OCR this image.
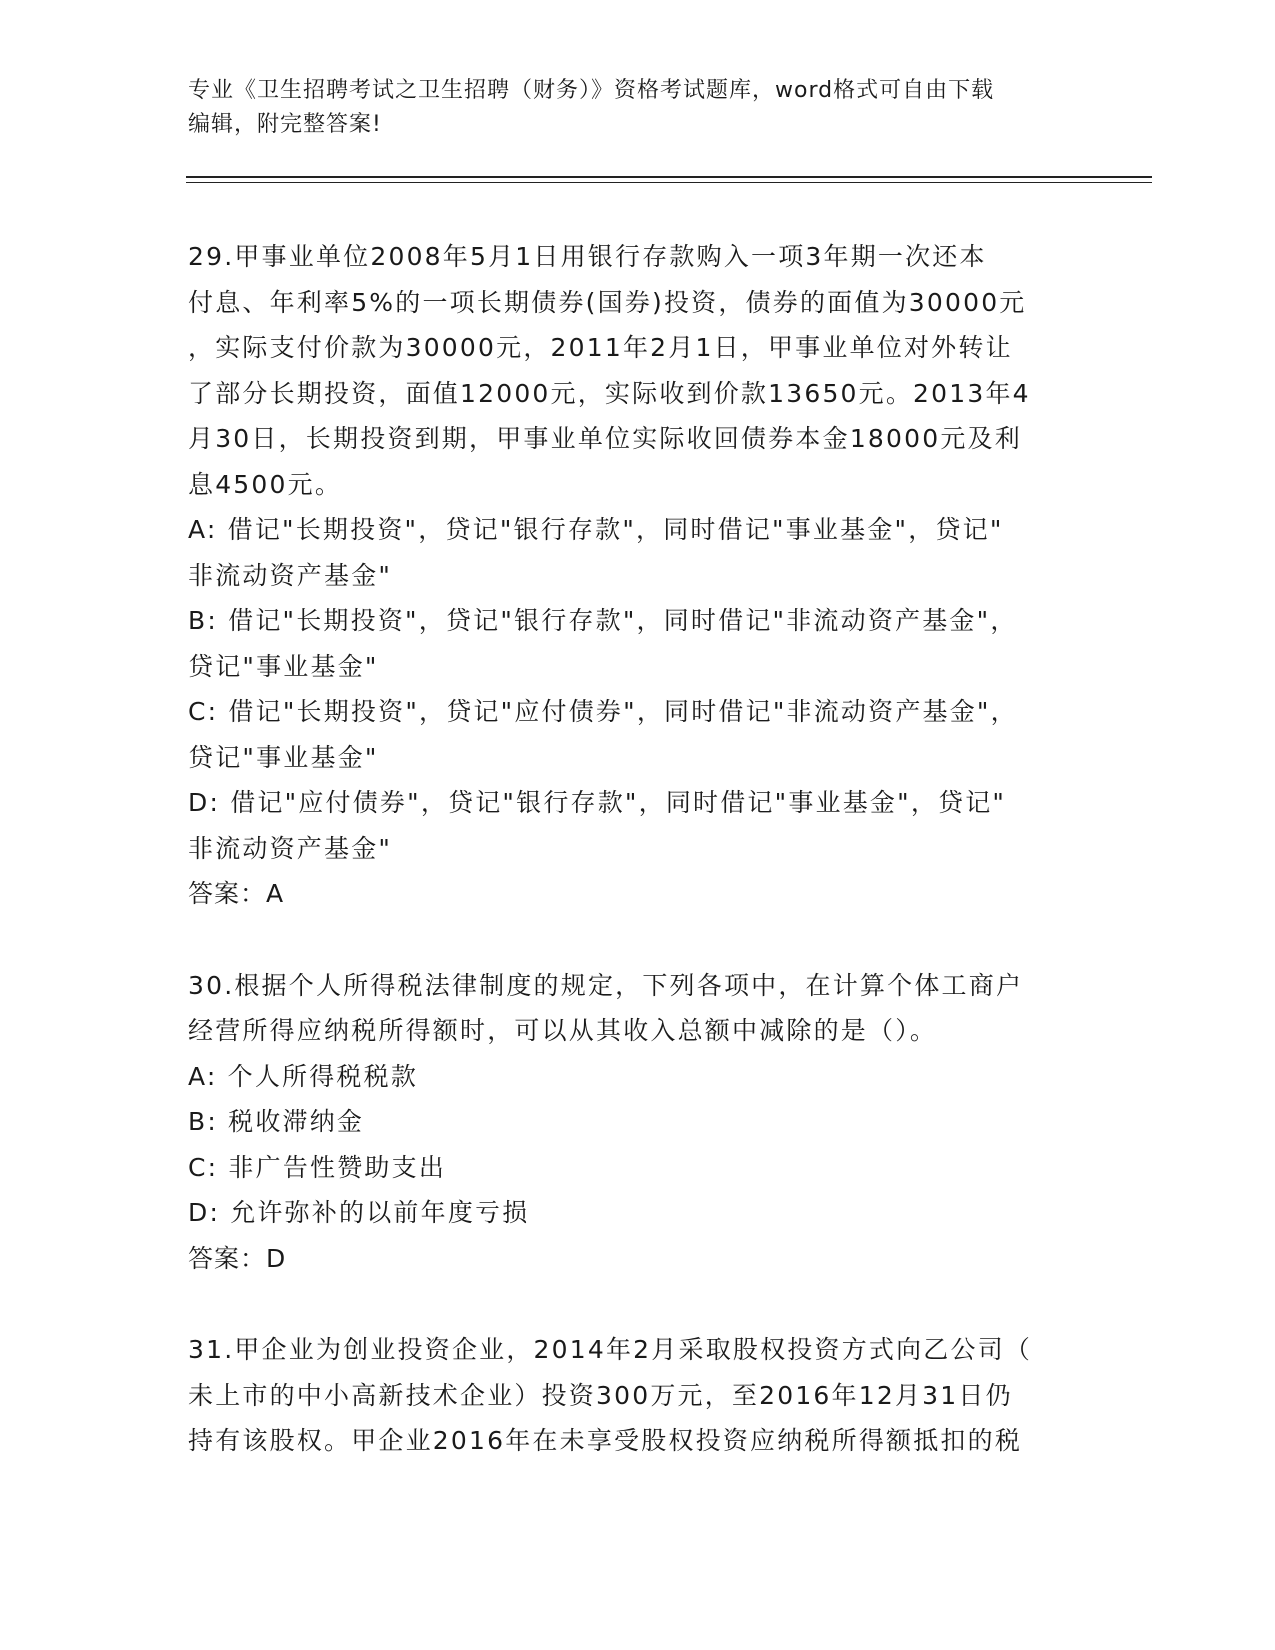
专业《卫生招聘考试之卫生招聘（财务）》资格考试题库，word格式可自由下载
编辑，附完整答案!

29.甲事业单位2008年5月1日用银行存款购入一项3年期一次还本
付息、年利率5%的一项长期债券(国券)投资，债券的面值为30000元
，实际支付价款为30000元，2011年2月1日，甲事业单位对外转让
了部分长期投资，面值12000元，实际收到价款13650元。2013年4
月30日，长期投资到期，甲事业单位实际收回债券本金18000元及利
息4500元。

A: 借记"长期投资"，贷记"银行存款"，同时借记"事业基金"，贷记"
非流动资产基金"

B: 借记"长期投资"，贷记"银行存款"，同时借记"非流动资产基金"，
贷记"事业基金"

C: 借记"长期投资"，贷记"应付债券"，同时借记"非流动资产基金"，
贷记"事业基金"

D: 借记"应付债券"，贷记"银行存款"，同时借记"事业基金"，贷记"
非流动资产基金"

答案：A

30.根据个人所得税法律制度的规定，下列各项中，在计算个体工商户
经营所得应纳税所得额时，可以从其收入总额中减除的是（）。

A: 个人所得税税款

B: 税收滞纳金

C: 非广告性赞助支出

D: 允许弥补的以前年度亏损

答案：D

31.甲企业为创业投资企业，2014年2月采取股权投资方式向乙公司（
未上市的中小高新技术企业）投资300万元，至2016年12月31日仍
持有该股权。甲企业2016年在未享受股权投资应纳税所得额抵扣的税
